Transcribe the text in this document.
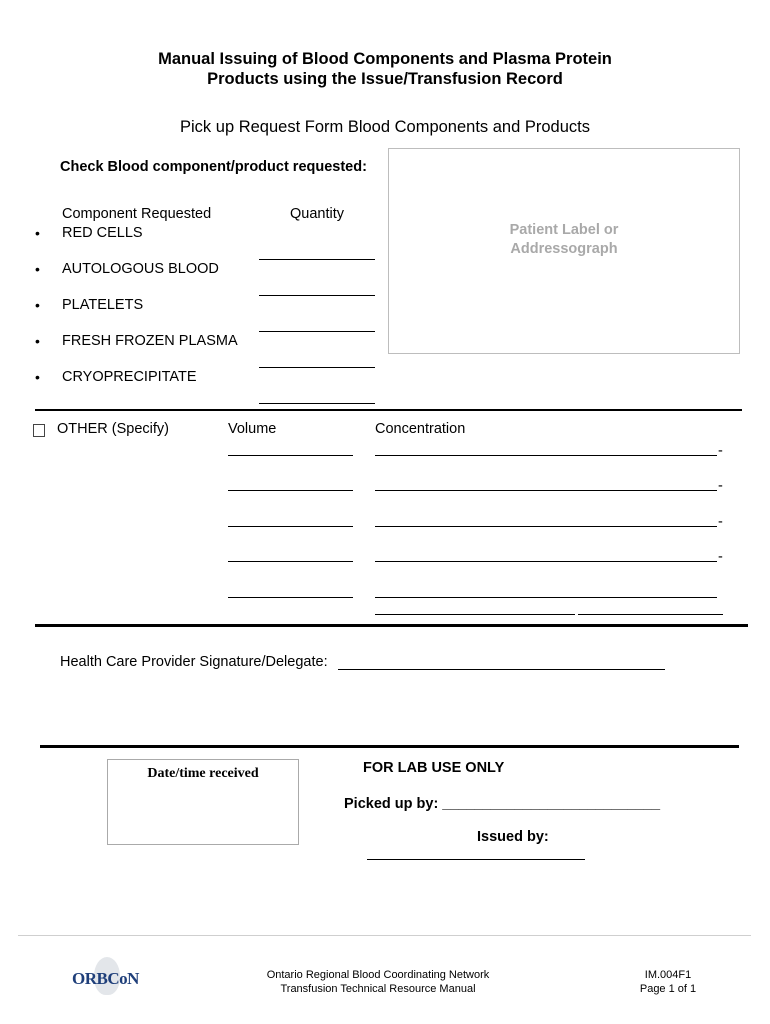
Manual Issuing of Blood Components and Plasma Protein
Products using the Issue/Transfusion Record
Pick up Request Form Blood Components and Products
Check Blood component/product requested:
Patient Label or
Addressograph
Component Requested	Quantity
• RED CELLS
• AUTOLOGOUS BLOOD
• PLATELETS
• FRESH FROZEN PLASMA
• CRYOPRECIPITATE
OTHER (Specify)	Volume	Concentration
-
-
-
-
Health Care Provider Signature/Delegate:
Date/time received	FOR LAB USE ONLY
Picked up by: ___________________________
Issued by:
ORBCoN	Ontario Regional Blood Coordinating Network
Transfusion Technical Resource Manual
IM.004F1
Page 1 of 1
